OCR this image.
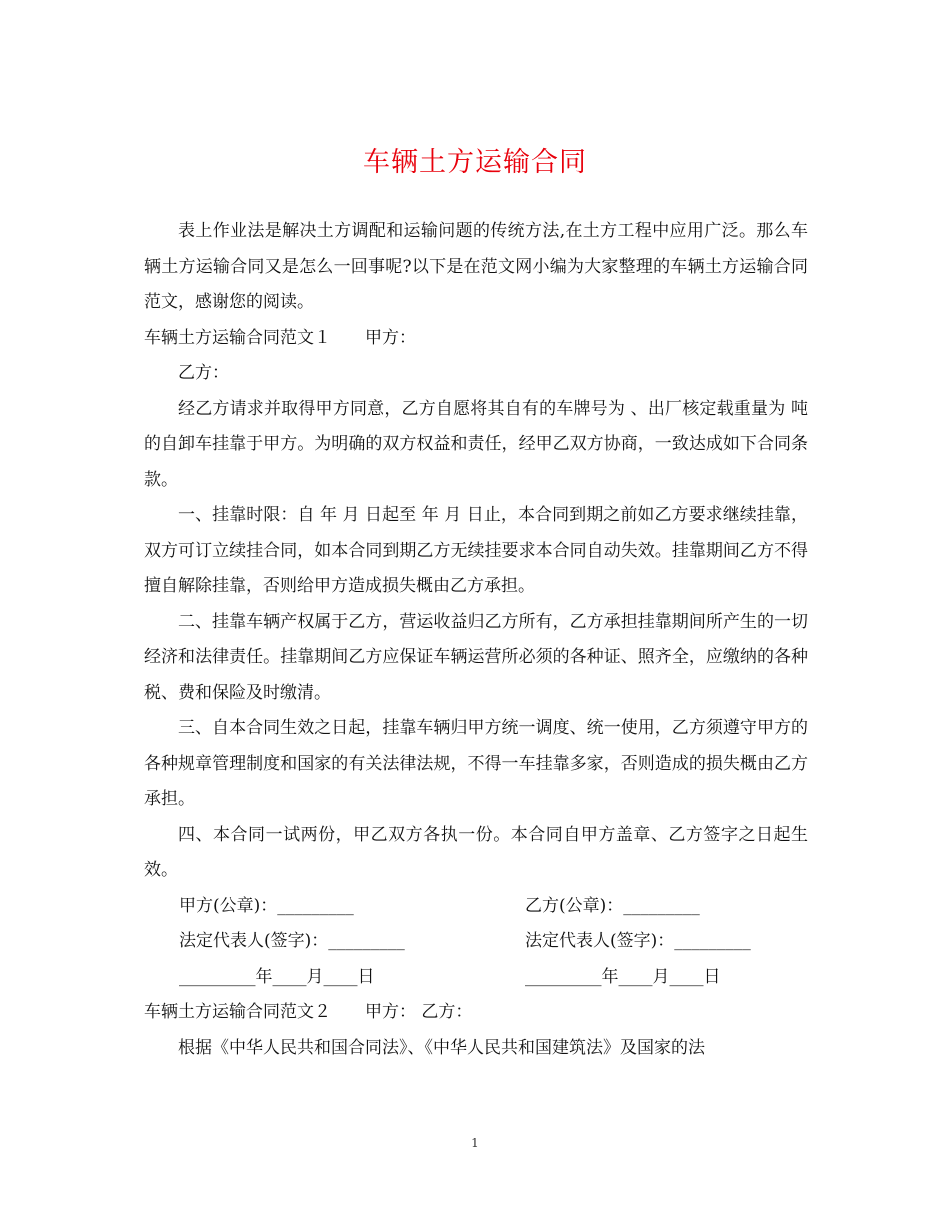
车辆土方运输合同

表上作业法是解决土方调配和运输问题的传统方法,在土方工程中应用广泛。那么车辆土方运输合同又是怎么一回事呢?以下是在范文网小编为大家整理的车辆土方运输合同范文，感谢您的阅读。

车辆土方运输合同范文１ 甲方：

乙方：

经乙方请求并取得甲方同意，乙方自愿将其自有的车牌号为 、出厂核定载重量为 吨的自卸车挂靠于甲方。为明确的双方权益和责任，经甲乙双方协商，一致达成如下合同条款。

一、挂靠时限：自 年 月 日起至 年 月 日止，本合同到期之前如乙方要求继续挂靠，双方可订立续挂合同，如本合同到期乙方无续挂要求本合同自动失效。挂靠期间乙方不得擅自解除挂靠，否则给甲方造成损失概由乙方承担。

二、挂靠车辆产权属于乙方，营运收益归乙方所有，乙方承担挂靠期间所产生的一切经济和法律责任。挂靠期间乙方应保证车辆运营所必须的各种证、照齐全，应缴纳的各种税、费和保险及时缴清。

三、自本合同生效之日起，挂靠车辆归甲方统一调度、统一使用，乙方须遵守甲方的各种规章管理制度和国家的有关法律法规，不得一车挂靠多家，否则造成的损失概由乙方承担。

四、本合同一试两份，甲乙双方各执一份。本合同自甲方盖章、乙方签字之日起生效。

甲方(公章)：_________	乙方(公章)：_________
法定代表人(签字)：_________	法定代表人(签字)：_________
_________年____月____日	_________年____月____日

车辆土方运输合同范文２ 甲方： 乙方：

根据《中华人民共和国合同法》、《中华人民共和国建筑法》及国家的法

1
